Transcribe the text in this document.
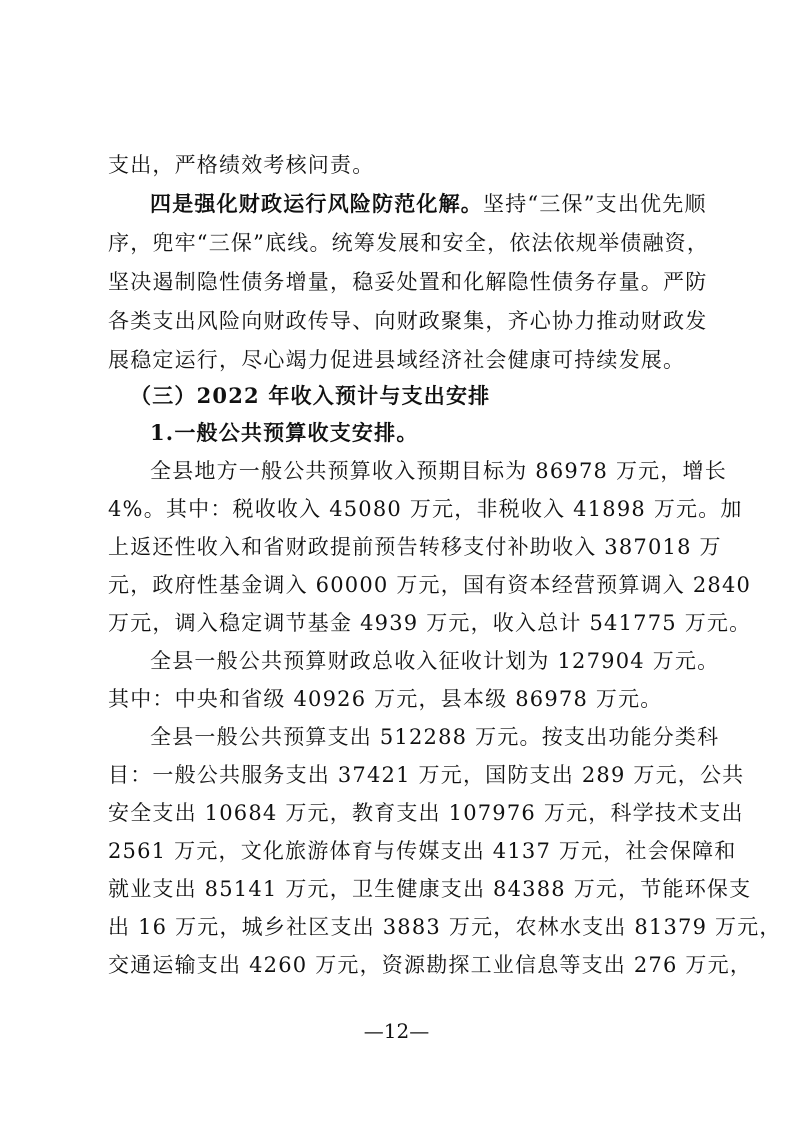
支出，严格绩效考核问责。
四是强化财政运行风险防范化解。坚持“三保”支出优先顺
序，兜牢“三保”底线。统筹发展和安全，依法依规举债融资，
坚决遏制隐性债务增量，稳妥处置和化解隐性债务存量。严防
各类支出风险向财政传导、向财政聚集，齐心协力推动财政发
展稳定运行，尽心竭力促进县域经济社会健康可持续发展。
（三）2022 年收入预计与支出安排
1.一般公共预算收支安排。
全县地方一般公共预算收入预期目标为 86978 万元，增长
4%。其中：税收收入 45080 万元，非税收入 41898 万元。加
上返还性收入和省财政提前预告转移支付补助收入 387018 万
元，政府性基金调入 60000 万元，国有资本经营预算调入 2840
万元，调入稳定调节基金 4939 万元，收入总计 541775 万元。
全县一般公共预算财政总收入征收计划为 127904 万元。
其中：中央和省级 40926 万元，县本级 86978 万元。
全县一般公共预算支出 512288 万元。按支出功能分类科
目：一般公共服务支出 37421 万元，国防支出 289 万元，公共
安全支出 10684 万元，教育支出 107976 万元，科学技术支出
2561 万元，文化旅游体育与传媒支出 4137 万元，社会保障和
就业支出 85141 万元，卫生健康支出 84388 万元，节能环保支
出 16 万元，城乡社区支出 3883 万元，农林水支出 81379 万元，
交通运输支出 4260 万元，资源勘探工业信息等支出 276 万元，
—12—
